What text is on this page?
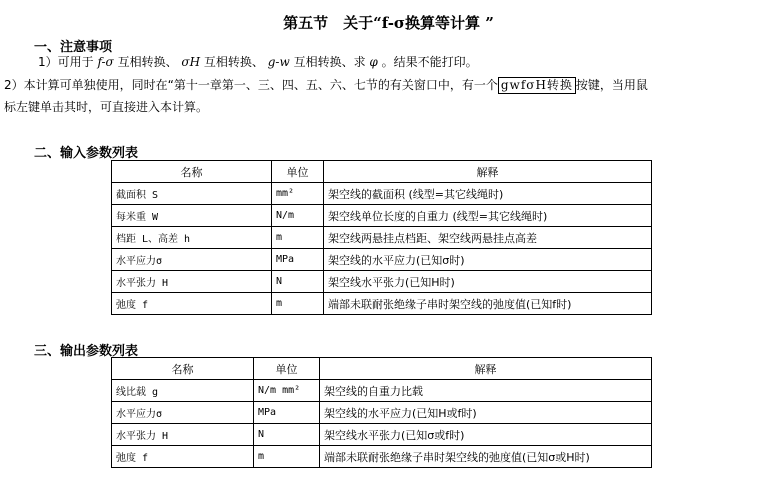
第五节　关于“f-σ换算等计算 ”
一、注意事项
1）可用于 f-σ 互相转换、 σH 互相转换、 g-w 互相转换、求 φ 。结果不能打印。
2）本计算可单独使用，同时在“第十一章第一、三、四、五、六、七节的有关窗口中，有一个 gwfσH转换 按键，当用鼠
标左键单击其时，可直接进入本计算。
二、输入参数列表
名称	单位	解释
截面积 S	mm²	架空线的截面积 (线型=其它线绳时)
每米重 W	N/m	架空线单位长度的自重力 (线型=其它线绳时)
档距 L、高差 h	m	架空线两悬挂点档距、架空线两悬挂点高差
水平应力σ	MPa	架空线的水平应力(已知σ时)
水平张力 H	N	架空线水平张力(已知H时)
弛度 f	m	端部未联耐张绝缘子串时架空线的弛度值(已知f时)
三、输出参数列表
名称	单位	解释
线比载 g	N/m mm²	架空线的自重力比载
水平应力σ	MPa	架空线的水平应力(已知H或f时)
水平张力 H	N	架空线水平张力(已知σ或f时)
弛度 f	m	端部未联耐张绝缘子串时架空线的弛度值(已知σ或H时)
